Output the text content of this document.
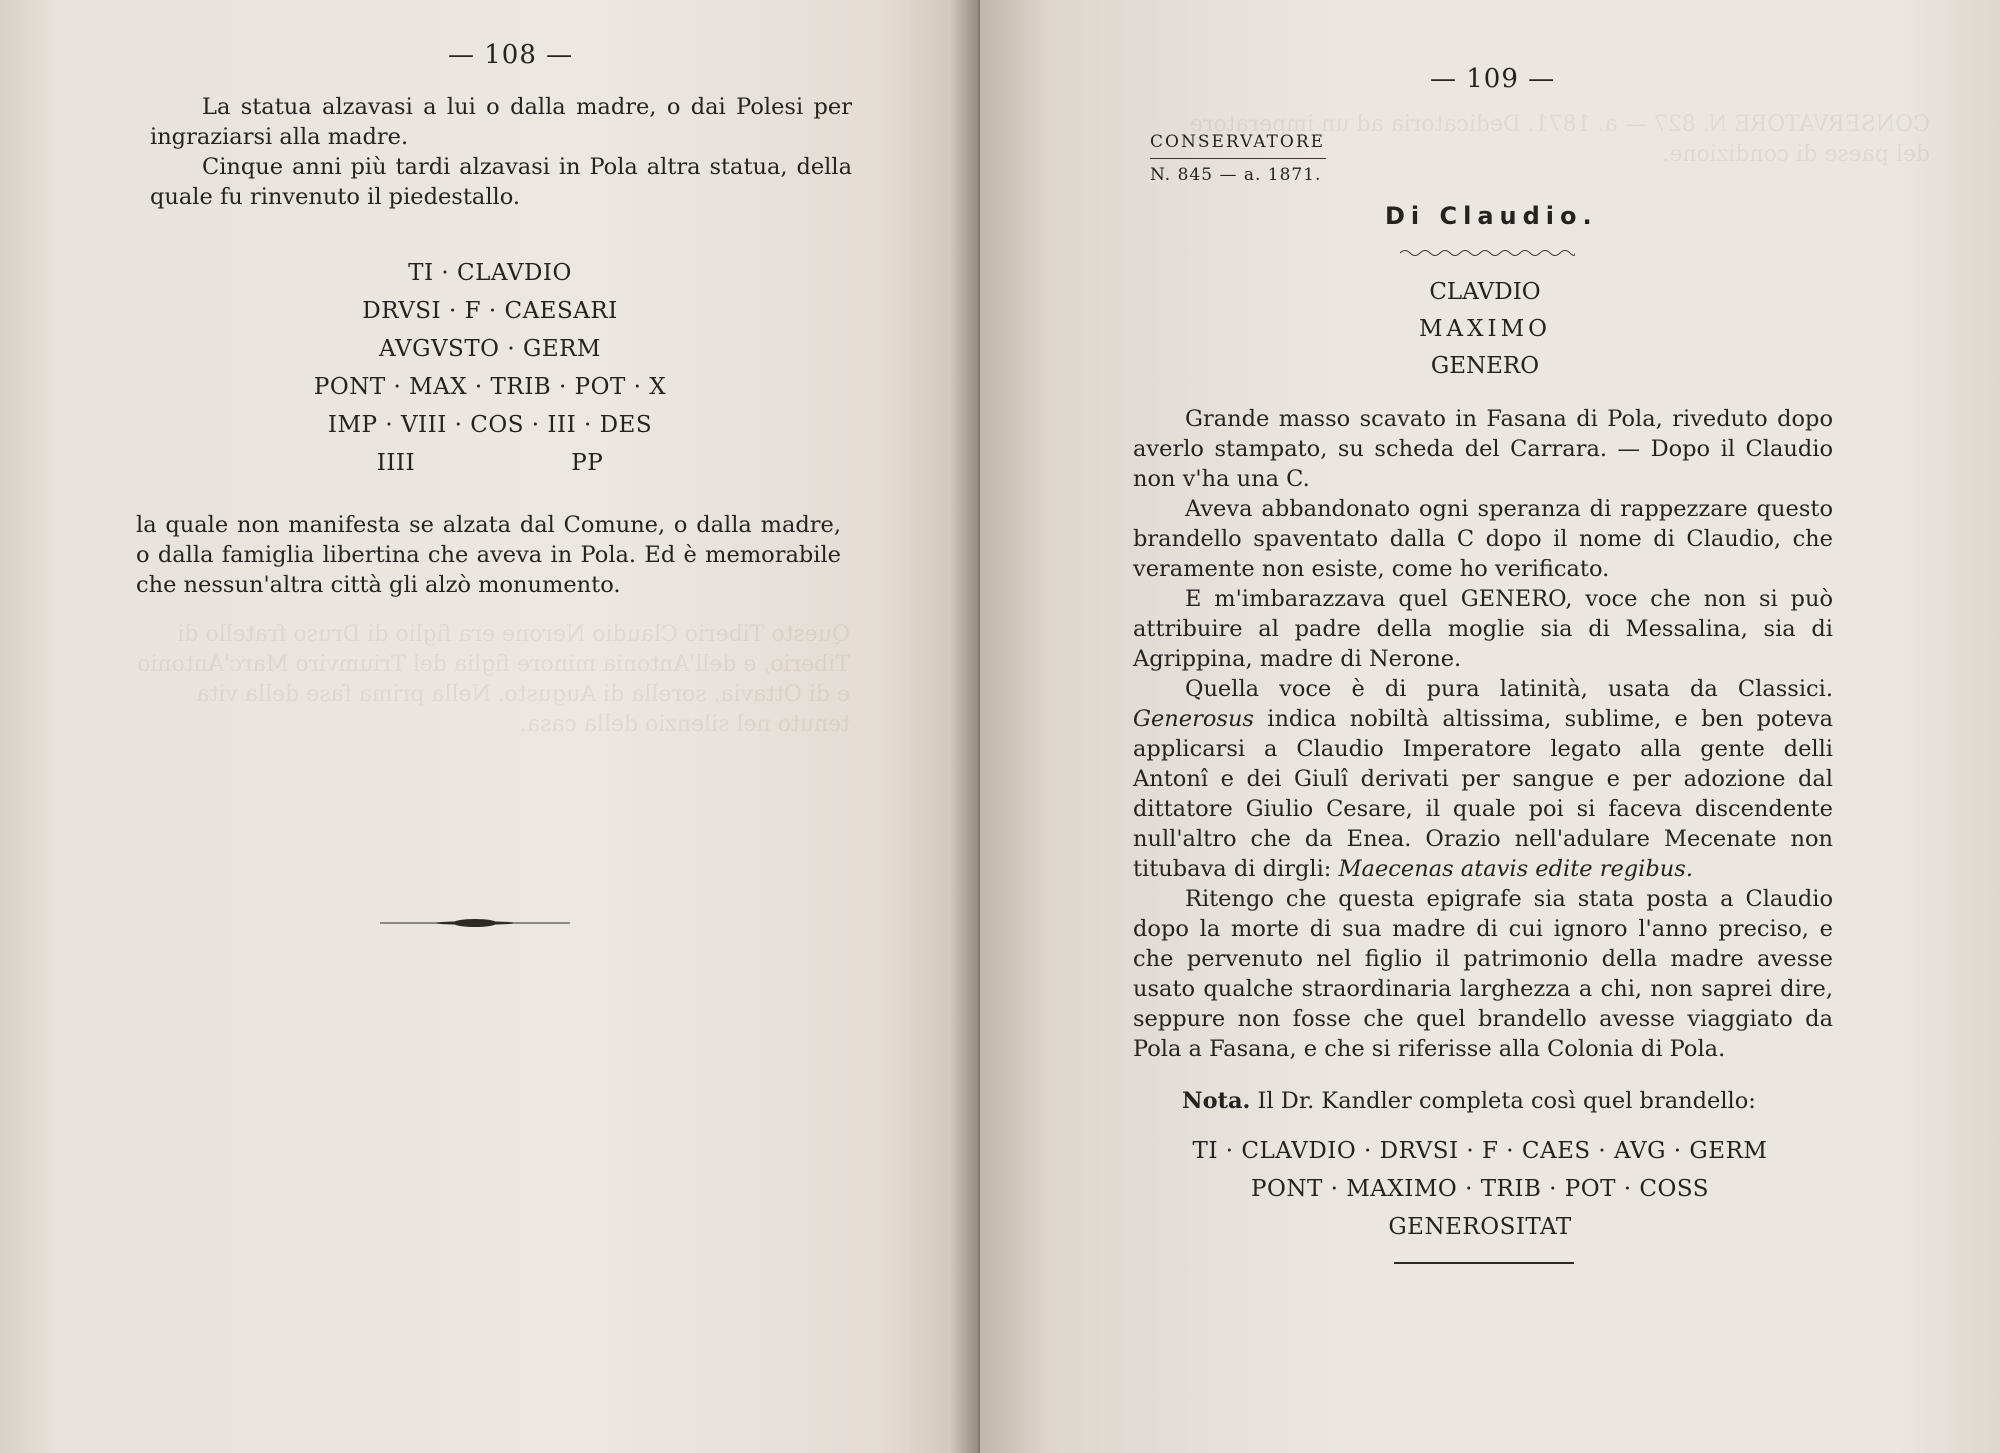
— 108 —

La statua alzavasi a lui o dalla madre, o dai Polesi per ingraziarsi alla madre.

Cinque anni più tardi alzavasi in Pola altra statua, della quale fu rinvenuto il piedestallo.

TI · CLAVDIO
DRVSI · F · CAESARI
AVGVSTO · GERM
PONT · MAX · TRIB · POT · X
IMP · VIII · COS · III · DES
IIII                    PP

la quale non manifesta se alzata dal Comune, o dalla madre, o dalla famiglia libertina che aveva in Pola. Ed è memorabile che nessun'altra città gli alzò monumento.

Questo Tiberio Claudio Nerone era figlio di Druso fratello di Tiberio, e dell'Antonia minore figlia del Triumviro Marc'Antonio e di Ottavia, sorella di Augusto. Nella prima fase della vita tenuto nel silenzio della casa.
CONSERVATORE N. 827 — a. 1871. Dedicatoria ad un imperatore del paese di condizione.
— 109 —
CONSERVATORE
N. 845 — a. 1871.
Di Claudio.
CLAVDIO
MAXIMO
GENERO

Grande masso scavato in Fasana di Pola, riveduto dopo averlo stampato, su scheda del Carrara. — Dopo il Claudio non v'ha una C.

Aveva abbandonato ogni speranza di rappezzare questo brandello spaventato dalla C dopo il nome di Claudio, che veramente non esiste, come ho verificato.

E m'imbarazzava quel GENERO, voce che non si può attribuire al padre della moglie sia di Messalina, sia di Agrippina, madre di Nerone.

Quella voce è di pura latinità, usata da Classici. Generosus indica nobiltà altissima, sublime, e ben poteva applicarsi a Claudio Imperatore legato alla gente delli Antonî e dei Giulî derivati per sangue e per adozione dal dittatore Giulio Cesare, il quale poi si faceva discendente null'altro che da Enea. Orazio nell'adulare Mecenate non titubava di dirgli: Maecenas atavis edite regibus.

Ritengo che questa epigrafe sia stata posta a Claudio dopo la morte di sua madre di cui ignoro l'anno preciso, e che pervenuto nel figlio il patrimonio della madre avesse usato qualche straordinaria larghezza a chi, non saprei dire, seppure non fosse che quel brandello avesse viaggiato da Pola a Fasana, e che si riferisse alla Colonia di Pola.

Nota. Il Dr. Kandler completa così quel brandello:
TI · CLAVDIO · DRVSI · F · CAES · AVG · GERM
PONT · MAXIMO · TRIB · POT · COSS
GENEROSITAT
